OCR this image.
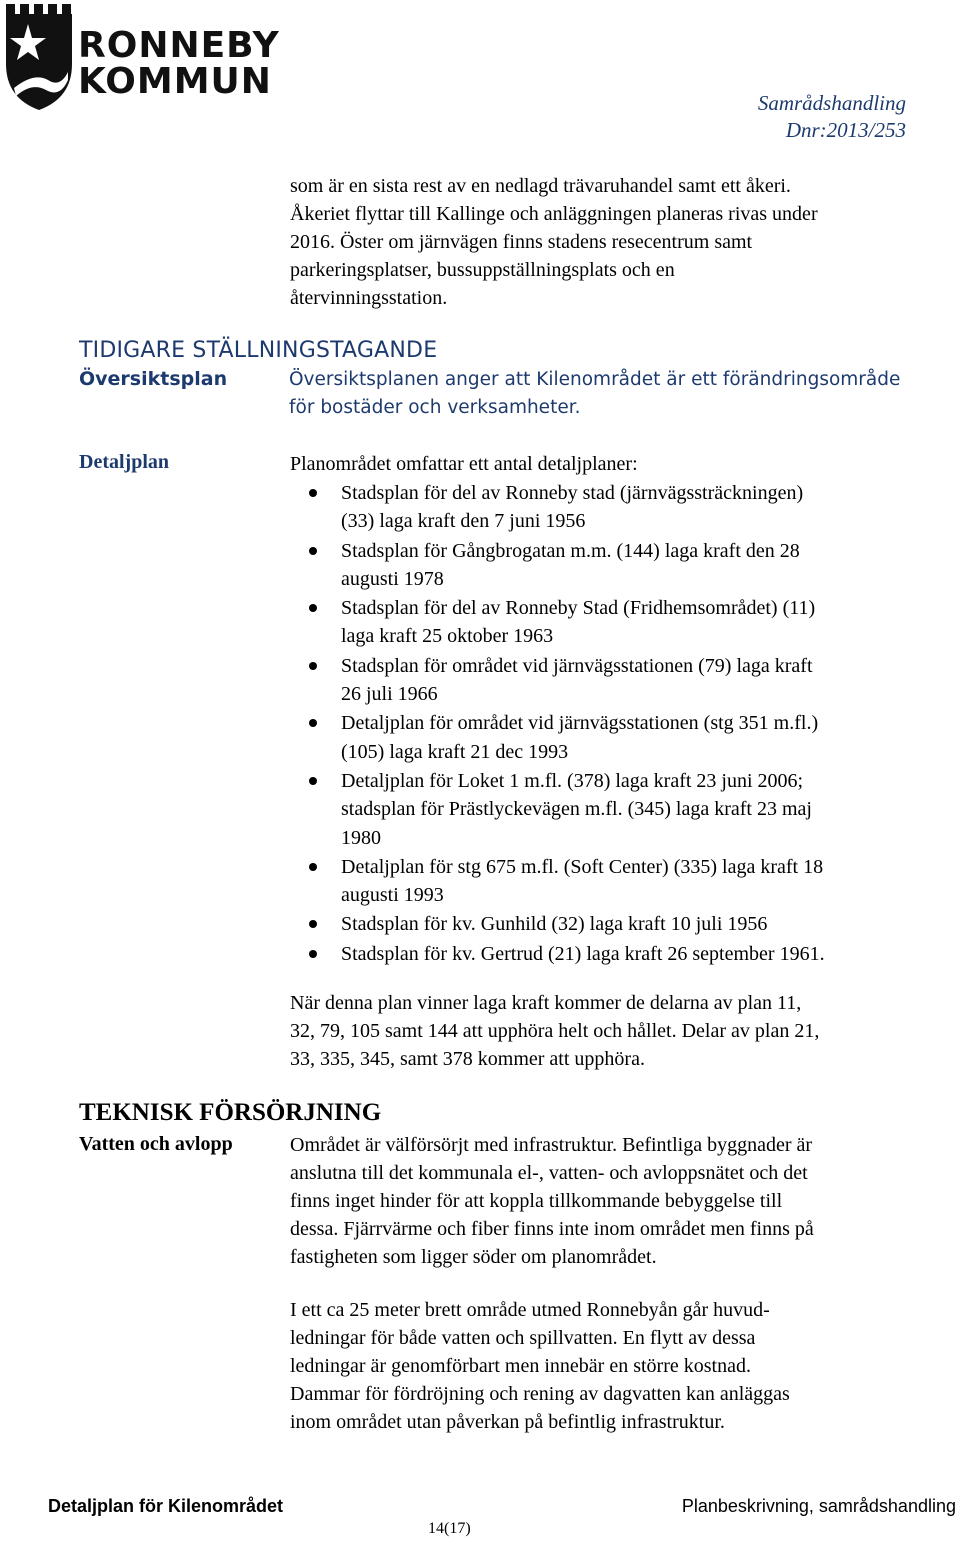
RONNEBY
KOMMUN
Samrådshandling
Dnr:2013/253
som är en sista rest av en nedlagd trävaruhandel samt ett åkeri.
Åkeriet flyttar till Kallinge och anläggningen planeras rivas under
2016. Öster om järnvägen finns stadens resecentrum samt
parkeringsplatser, bussuppställningsplats och en
återvinningsstation.
TIDIGARE STÄLLNINGSTAGANDE
Översiktsplan	Översiktsplanen anger att Kilenområdet är ett förändringsområde
för bostäder och verksamheter.
Detaljplan	Planområdet omfattar ett antal detaljplaner:
Stadsplan för del av Ronneby stad (järnvägssträckningen)
(33) laga kraft den 7 juni 1956
Stadsplan för Gångbrogatan m.m. (144) laga kraft den 28
augusti 1978
Stadsplan för del av Ronneby Stad (Fridhemsområdet) (11)
laga kraft 25 oktober 1963
Stadsplan för området vid järnvägsstationen (79) laga kraft
26 juli 1966
Detaljplan för området vid järnvägsstationen (stg 351 m.fl.)
(105) laga kraft 21 dec 1993
Detaljplan för Loket 1 m.fl. (378) laga kraft 23 juni 2006;
stadsplan för Prästlyckevägen m.fl. (345) laga kraft 23 maj
1980
Detaljplan för stg 675 m.fl. (Soft Center) (335) laga kraft 18
augusti 1993
Stadsplan för kv. Gunhild (32) laga kraft 10 juli 1956
Stadsplan för kv. Gertrud (21) laga kraft 26 september 1961.
När denna plan vinner laga kraft kommer de delarna av plan 11,
32, 79, 105 samt 144 att upphöra helt och hållet. Delar av plan 21,
33, 335, 345, samt 378 kommer att upphöra.
TEKNISK FÖRSÖRJNING
Vatten och avlopp	Området är välförsörjt med infrastruktur. Befintliga byggnader är
anslutna till det kommunala el-, vatten- och avloppsnätet och det
finns inget hinder för att koppla tillkommande bebyggelse till
dessa. Fjärrvärme och fiber finns inte inom området men finns på
fastigheten som ligger söder om planområdet.
I ett ca 25 meter brett område utmed Ronnebyån går huvud-
ledningar för både vatten och spillvatten. En flytt av dessa
ledningar är genomförbart men innebär en större kostnad.
Dammar för fördröjning och rening av dagvatten kan anläggas
inom området utan påverkan på befintlig infrastruktur.
Detaljplan för Kilenområdet	Planbeskrivning, samrådshandling
14(17)
